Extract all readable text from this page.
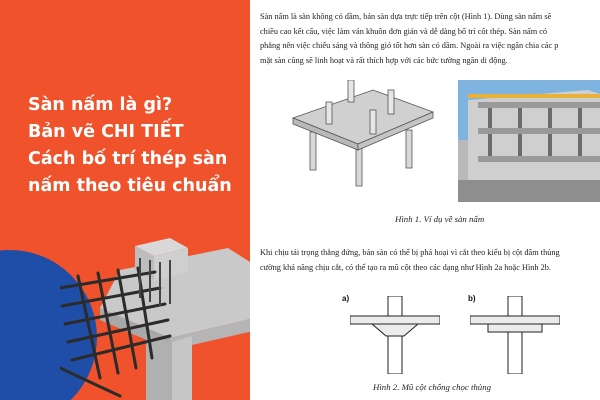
Sàn nấm là gì?
Bản vẽ CHI TIẾT
Cách bố trí thép sàn
nấm theo tiêu chuẩn
Sàn nấm là sàn không có dầm, bản sàn dựa trực tiếp trên cột (Hình 1). Dùng sàn nấm sẽ
chiều cao kết cấu, việc làm ván khuôn đơn giản và dễ dàng bố trí cốt thép. Sàn nấm có
phẳng nên việc chiếu sáng và thông gió tốt hơn sàn có dầm. Ngoài ra việc ngăn chia các p
mặt sàn cũng sẽ linh hoạt và rất thích hợp với các bức tường ngăn di động.
Hình 1. Ví dụ về sàn nấm
Khi chịu tải trọng thẳng đứng, bản sàn có thể bị phá hoại vì cắt theo kiểu bị cột đâm thủng
cường khả năng chịu cắt, có thể tạo ra mũ cột theo các dạng như Hình 2a hoặc Hình 2b.
a)	b)
Hình 2. Mũ cột chống chọc thủng
